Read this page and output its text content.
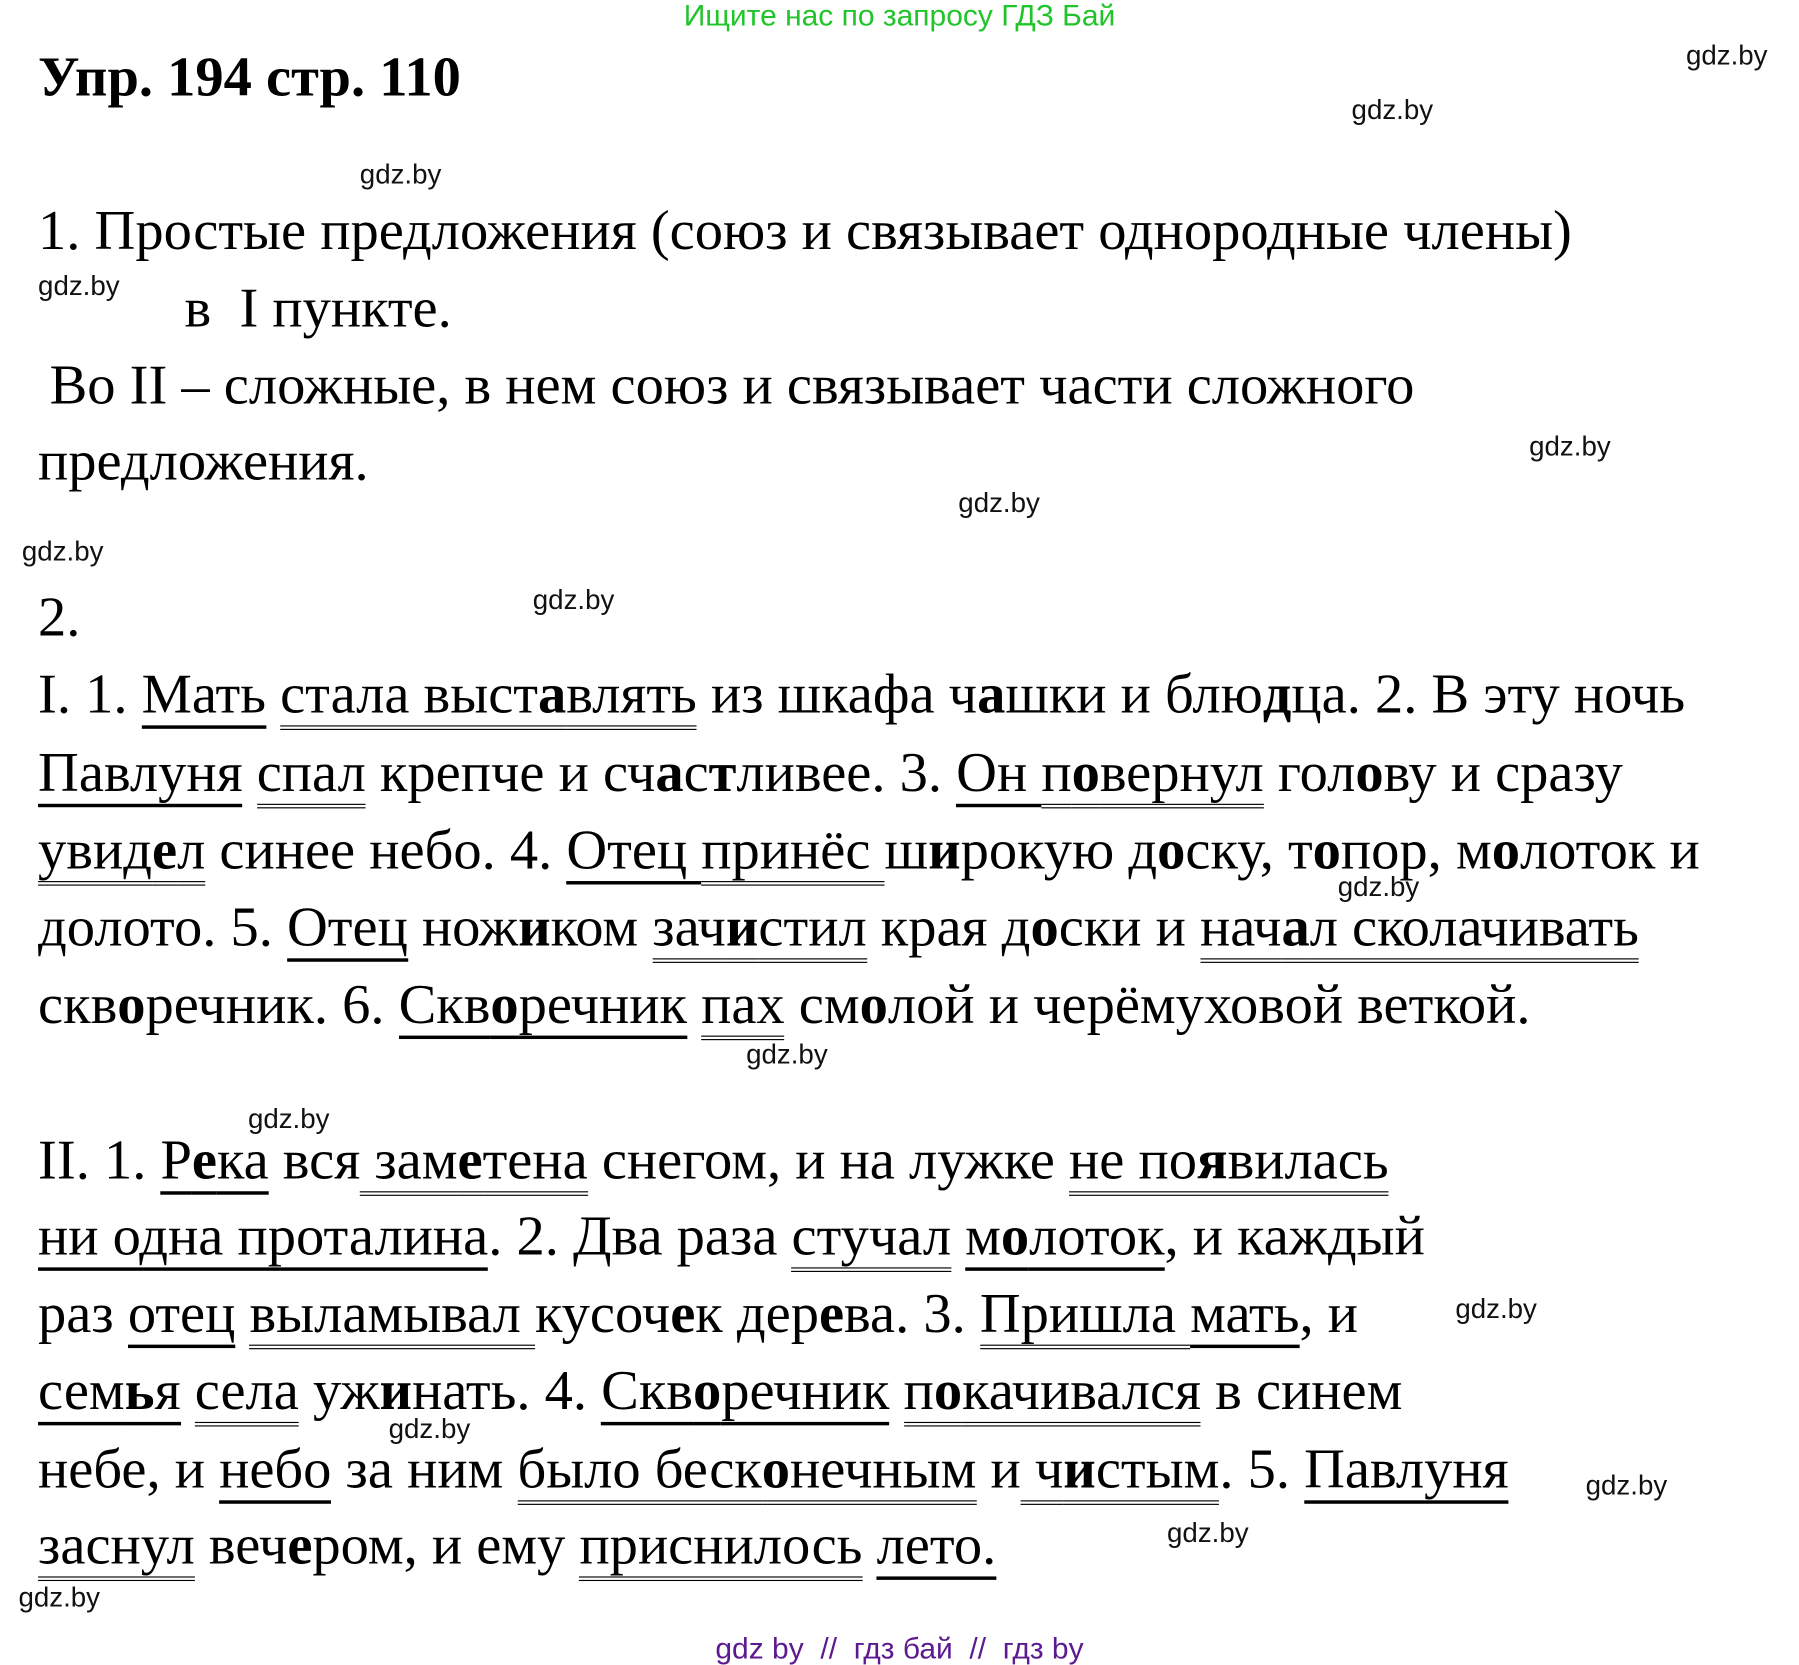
Ищите нас по запросу ГДЗ Бай
Упр. 194 стр. 110
1. Простые предложения (союз и связывает однородные члены)
в  I пункте.
Во II – сложные, в нем союз и связывает части сложного
предложения.
2.
I. 1. Мать стала выставлять из шкафа чашки и блюдца. 2. В эту ночь
Павлуня спал крепче и счастливее. 3. Он повернул голову и сразу
увидел синее небо. 4. Отец принёс широкую доску, топор, молоток и
долото. 5. Отец ножиком зачистил края доски и начал сколачивать
скворечник. 6. Скворечник пах смолой и черёмуховой веткой.
II. 1. Река вся заметена снегом, и на лужке не появилась
ни одна проталина. 2. Два раза стучал молоток, и каждый
раз отец выламывал кусочек дерева. 3. Пришла мать, и
семья села ужинать. 4. Скворечник покачивался в синем
небе, и небо за ним было бесконечным и чистым. 5. Павлуня
заснул вечером, и ему приснилось лето.
gdz.by
gdz.by
gdz.by
gdz.by
gdz.by
gdz.by
gdz.by
gdz.by
gdz.by
gdz.by
gdz.by
gdz.by
gdz.by
gdz.by
gdz.by
gdz.by
gdz by  //  гдз бай  //  гдз by
